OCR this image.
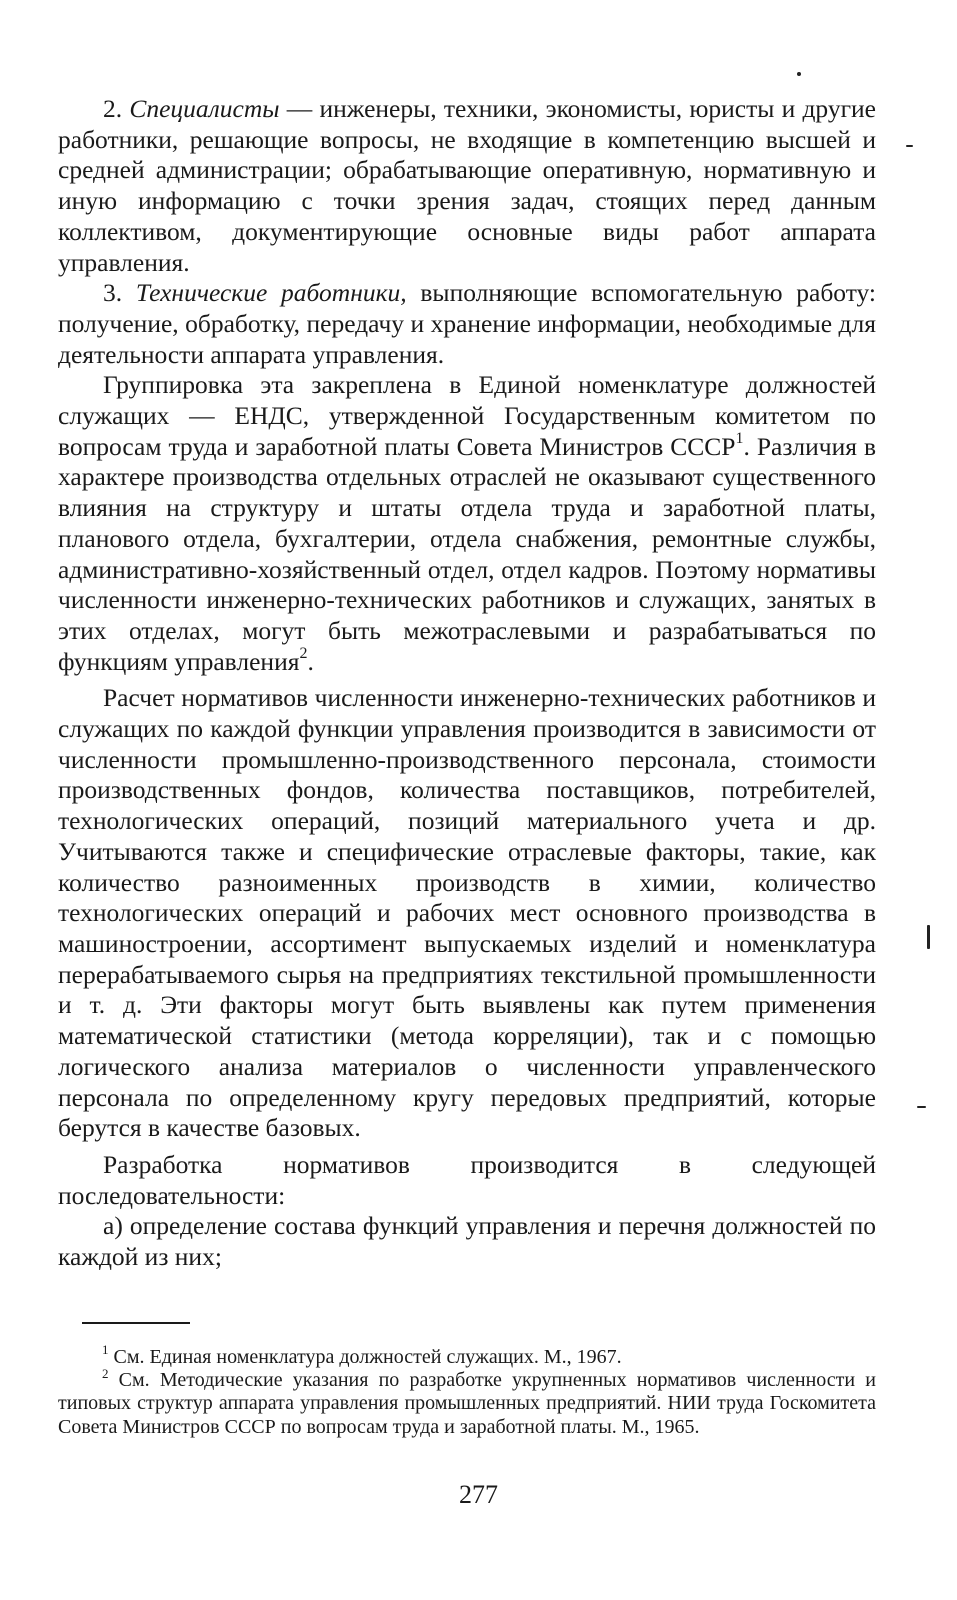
2. Специалисты — инженеры, техники, экономисты, юристы и другие работники, решающие вопросы, не входящие в компетенцию высшей и средней администрации; обрабатывающие оперативную, нормативную и иную информацию с точки зрения задач, стоящих перед данным коллективом, документирующие основные виды работ аппарата управления.

3. Технические работники, выполняющие вспомогательную работу: получение, обработку, передачу и хранение информации, необходимые для деятельности аппарата управления.

Группировка эта закреплена в Единой номенклатуре должностей служащих — ЕНДС, утвержденной Государственным комитетом по вопросам труда и заработной платы Совета Министров СССР$^1$. Различия в характере производства отдельных отраслей не оказывают существенного влияния на структуру и штаты отдела труда и заработной платы, планового отдела, бухгалтерии, отдела снабжения, ремонтные службы, административно-хозяйственный отдел, отдел кадров. Поэтому нормативы численности инженерно-технических работников и служащих, занятых в этих отделах, могут быть межотраслевыми и разрабатываться по функциям управления$^2$.

Расчет нормативов численности инженерно-технических работников и служащих по каждой функции управления производится в зависимости от численности промышленно-производственного персонала, стоимости производственных фондов, количества поставщиков, потребителей, технологических операций, позиций материального учета и др. Учитываются также и специфические отраслевые факторы, такие, как количество разноименных производств в химии, количество технологических операций и рабочих мест основного производства в машиностроении, ассортимент выпускаемых изделий и номенклатура перерабатываемого сырья на предприятиях текстильной промышленности и т. д. Эти факторы могут быть выявлены как путем применения математической статистики (метода корреляции), так и с помощью логического анализа материалов о численности управленческого персонала по определенному кругу передовых предприятий, которые берутся в качестве базовых.

Разработка нормативов производится в следующей последовательности:

а) определение состава функций управления и перечня должностей по каждой из них;

$^1$ См. Единая номенклатура должностей служащих. М., 1967.

$^2$ См. Методические указания по разработке укрупненных нормативов численности и типовых структур аппарата управления промышленных предприятий. НИИ труда Госкомитета Совета Министров СССР по вопросам труда и заработной платы. М., 1965.

277
